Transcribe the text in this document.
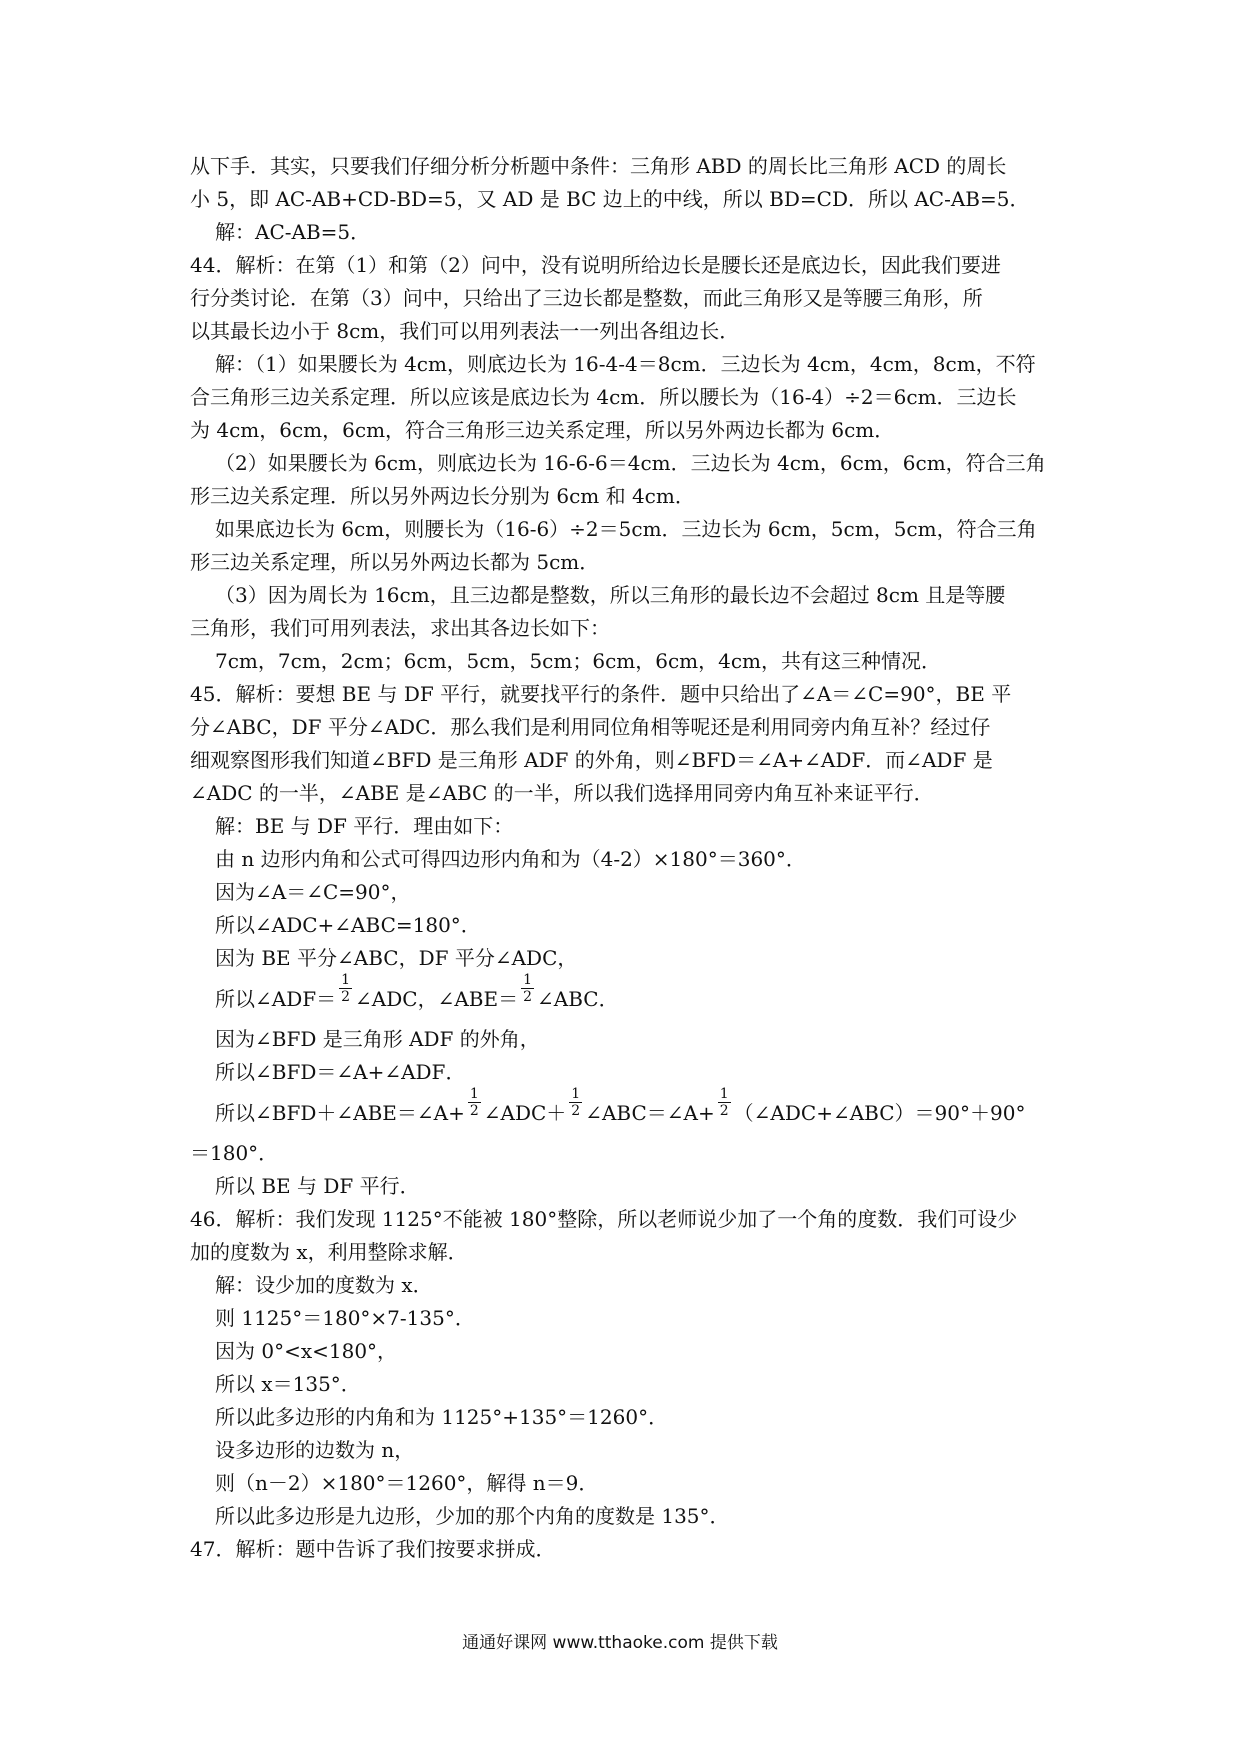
从下手．其实，只要我们仔细分析分析题中条件：三角形 ABD 的周长比三角形 ACD 的周长
小 5，即 AC-AB+CD-BD=5，又 AD 是 BC 边上的中线，所以 BD=CD．所以 AC-AB=5．
解：AC-AB=5．
44．解析：在第（1）和第（2）问中，没有说明所给边长是腰长还是底边长，因此我们要进
行分类讨论．在第（3）问中，只给出了三边长都是整数，而此三角形又是等腰三角形，所
以其最长边小于 8cm，我们可以用列表法一一列出各组边长．
解：（1）如果腰长为 4cm，则底边长为 16-4-4＝8cm．三边长为 4cm，4cm，8cm，不符
合三角形三边关系定理．所以应该是底边长为 4cm．所以腰长为（16-4）÷2＝6cm．三边长
为 4cm，6cm，6cm，符合三角形三边关系定理，所以另外两边长都为 6cm．
（2）如果腰长为 6cm，则底边长为 16-6-6＝4cm．三边长为 4cm，6cm，6cm，符合三角
形三边关系定理．所以另外两边长分别为 6cm 和 4cm．
如果底边长为 6cm，则腰长为（16-6）÷2＝5cm．三边长为 6cm，5cm，5cm，符合三角
形三边关系定理，所以另外两边长都为 5cm．
（3）因为周长为 16cm，且三边都是整数，所以三角形的最长边不会超过 8cm 且是等腰
三角形，我们可用列表法，求出其各边长如下：
7cm，7cm，2cm；6cm，5cm，5cm；6cm，6cm，4cm，共有这三种情况．
45．解析：要想 BE 与 DF 平行，就要找平行的条件．题中只给出了∠A＝∠C=90°，BE 平
分∠ABC，DF 平分∠ADC．那么我们是利用同位角相等呢还是利用同旁内角互补？经过仔
细观察图形我们知道∠BFD 是三角形 ADF 的外角，则∠BFD＝∠A+∠ADF．而∠ADF 是
∠ADC 的一半，∠ABE 是∠ABC 的一半，所以我们选择用同旁内角互补来证平行．
解：BE 与 DF 平行．理由如下：
由 n 边形内角和公式可得四边形内角和为（4-2）×180°＝360°．
因为∠A＝∠C=90°，
所以∠ADC+∠ABC=180°．
因为 BE 平分∠ABC，DF 平分∠ADC，
所以∠ADF＝ $\frac{1}{2}$ ∠ADC，∠ABE＝ $\frac{1}{2}$ ∠ABC．
因为∠BFD 是三角形 ADF 的外角，
所以∠BFD＝∠A+∠ADF．
所以∠BFD＋∠ABE＝∠A+ $\frac{1}{2}$ ∠ADC＋ $\frac{1}{2}$ ∠ABC＝∠A+ $\frac{1}{2}$ （∠ADC+∠ABC）＝90°＋90°
＝180°．
所以 BE 与 DF 平行．
46．解析：我们发现 1125°不能被 180°整除，所以老师说少加了一个角的度数．我们可设少
加的度数为 x，利用整除求解．
解：设少加的度数为 x．
则 1125°＝180°×7-135°．
因为 0°<x<180°，
所以 x＝135°．
所以此多边形的内角和为 1125°+135°＝1260°．
设多边形的边数为 n，
则（n－2）×180°＝1260°，解得 n＝9．
所以此多边形是九边形，少加的那个内角的度数是 135°．
47．解析：题中告诉了我们按要求拼成．
通通好课网 www.tthaoke.com 提供下载
